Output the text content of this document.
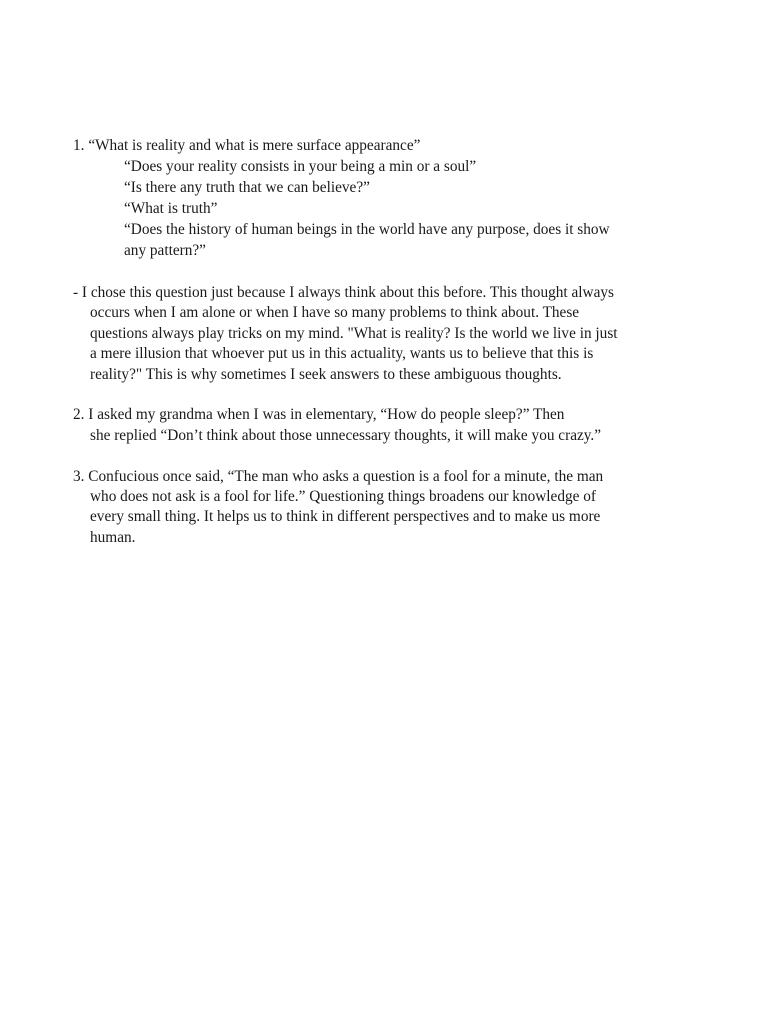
1. “What is reality and what is mere surface appearance”

“Does your reality consists in your being a min or a soul”

“Is there any truth that we can believe?”

“What is truth”

“Does the history of human beings in the world have any purpose, does it show

any pattern?”

- I chose this question just because I always think about this before. This thought always

occurs when I am alone or when I have so many problems to think about. These

questions always play tricks on my mind. "What is reality? Is the world we live in just

a mere illusion that whoever put us in this actuality, wants us to believe that this is

reality?" This is why sometimes I seek answers to these ambiguous thoughts.

2. I asked my grandma when I was in elementary, “How do people sleep?” Then

she replied “Don’t think about those unnecessary thoughts, it will make you crazy.”

3. Confucious once said, “The man who asks a question is a fool for a minute, the man

who does not ask is a fool for life.” Questioning things broadens our knowledge of

every small thing. It helps us to think in different perspectives and to make us more

human.
